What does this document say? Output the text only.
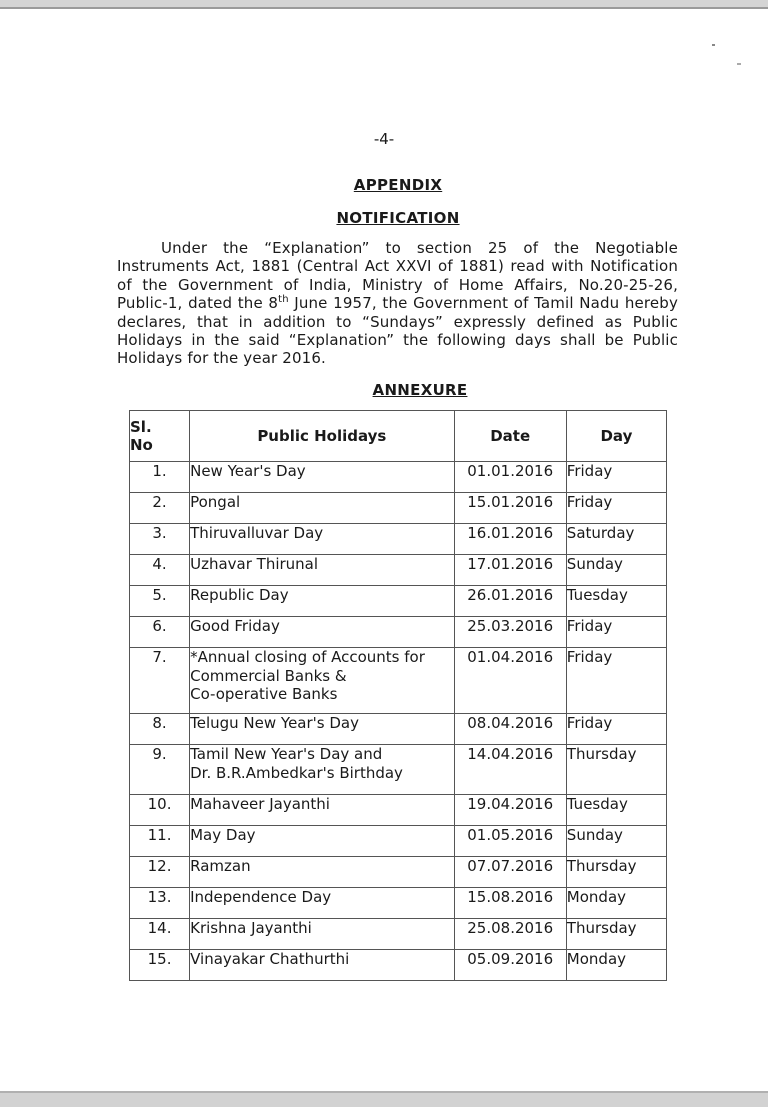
-4-
APPENDIX
NOTIFICATION
Under the “Explanation” to section 25 of the Negotiable Instruments Act, 1881 (Central Act XXVI of 1881) read with Notification of the Government of India, Ministry of Home Affairs, No.20-25-26, Public-1, dated the 8th June 1957, the Government of Tamil Nadu hereby declares, that in addition to “Sundays” expressly defined as Public Holidays in the said “Explanation” the following days shall be Public Holidays for the year 2016.
ANNEXURE
Sl.
No	Public Holidays	Date	Day
1.	New Year's Day	01.01.2016	Friday
2.	Pongal	15.01.2016	Friday
3.	Thiruvalluvar Day	16.01.2016	Saturday
4.	Uzhavar Thirunal	17.01.2016	Sunday
5.	Republic Day	26.01.2016	Tuesday
6.	Good Friday	25.03.2016	Friday
7.	*Annual closing of Accounts for
Commercial Banks &
Co-operative Banks	01.04.2016	Friday
8.	Telugu New Year's Day	08.04.2016	Friday
9.	Tamil New Year's Day and
Dr. B.R.Ambedkar's Birthday	14.04.2016	Thursday
10.	Mahaveer Jayanthi	19.04.2016	Tuesday
11.	May Day	01.05.2016	Sunday
12.	Ramzan	07.07.2016	Thursday
13.	Independence Day	15.08.2016	Monday
14.	Krishna Jayanthi	25.08.2016	Thursday
15.	Vinayakar Chathurthi	05.09.2016	Monday
